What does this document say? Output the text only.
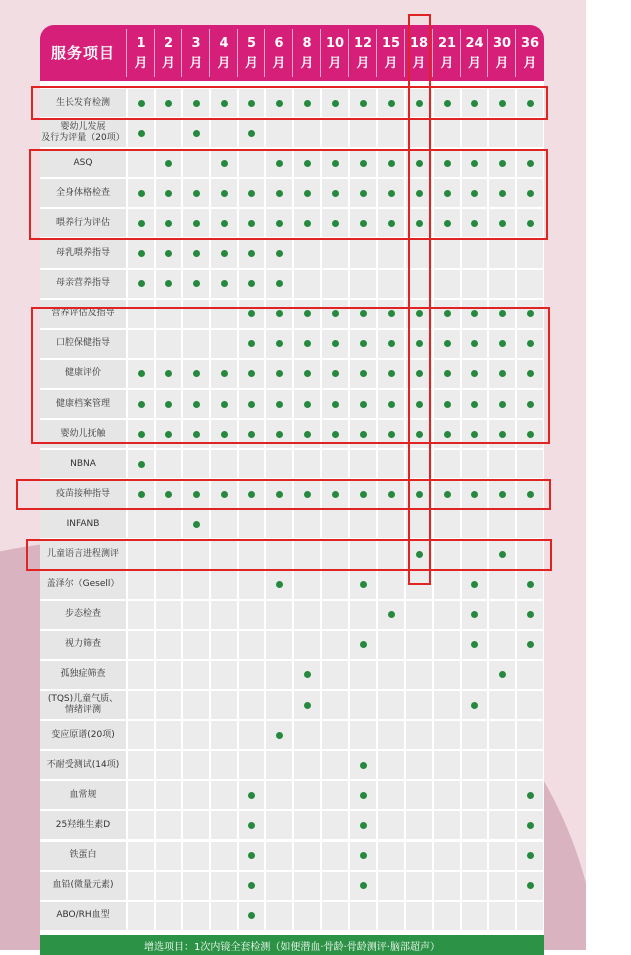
服务项目
1
月
2
月
3
月
4
月
5
月
6
月
8
月
10
月
12
月
15
月
18
月
21
月
24
月
30
月
36
月
生长发育检测
婴幼儿发展
及行为评量（20项）
ASQ
全身体格检查
喂养行为评估
母乳喂养指导
母亲营养指导
营养评估及指导
口腔保健指导
健康评价
健康档案管理
婴幼儿抚触
NBNA
疫苗接种指导
INFANB
儿童语言进程测评
盖泽尔（Gesell）
步态检查
视力筛查
孤独症筛查
(TQS)儿童气质、
情绪评测
变应原谱(20项)
不耐受测试(14项)
血常规
25羟维生素D
铁蛋白
血铅(微量元素)
ABO/RH血型
增选项目：1次内镜全套检测（如便潜血·骨龄·骨龄测评·脑部超声）
